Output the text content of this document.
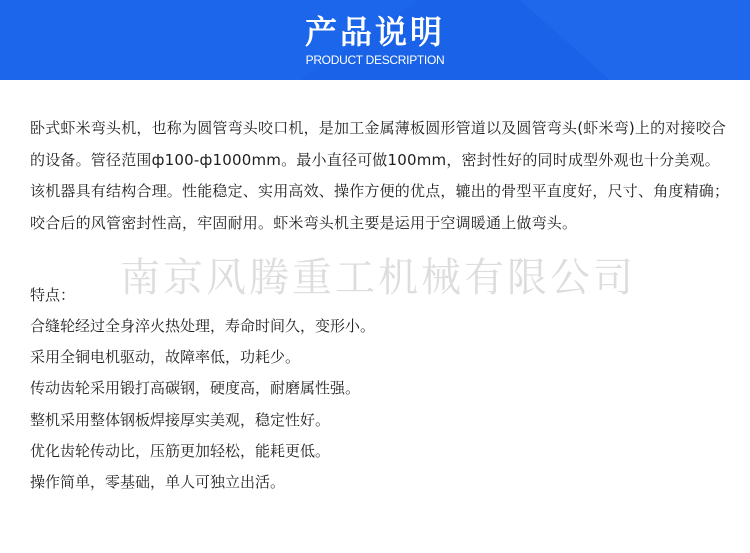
产品说明
PRODUCT DESCRIPTION

卧式虾米弯头机，也称为圆管弯头咬口机，是加工金属薄板圆形管道以及圆管弯头(虾米弯)上的对接咬合的设备。管径范围ф100-ф1000mm。最小直径可做100mm，密封性好的同时成型外观也十分美观。该机器具有结构合理。性能稳定、实用高效、操作方便的优点，辘出的骨型平直度好，尺寸、角度精确；咬合后的风管密封性高，牢固耐用。虾米弯头机主要是运用于空调暖通上做弯头。

特点：
合缝轮经过全身淬火热处理，寿命时间久，变形小。
采用全铜电机驱动，故障率低，功耗少。
传动齿轮采用锻打高碳钢，硬度高，耐磨属性强。
整机采用整体钢板焊接厚实美观，稳定性好。
优化齿轮传动比，压筋更加轻松，能耗更低。
操作简单，零基础，单人可独立出活。
南京风腾重工机械有限公司
